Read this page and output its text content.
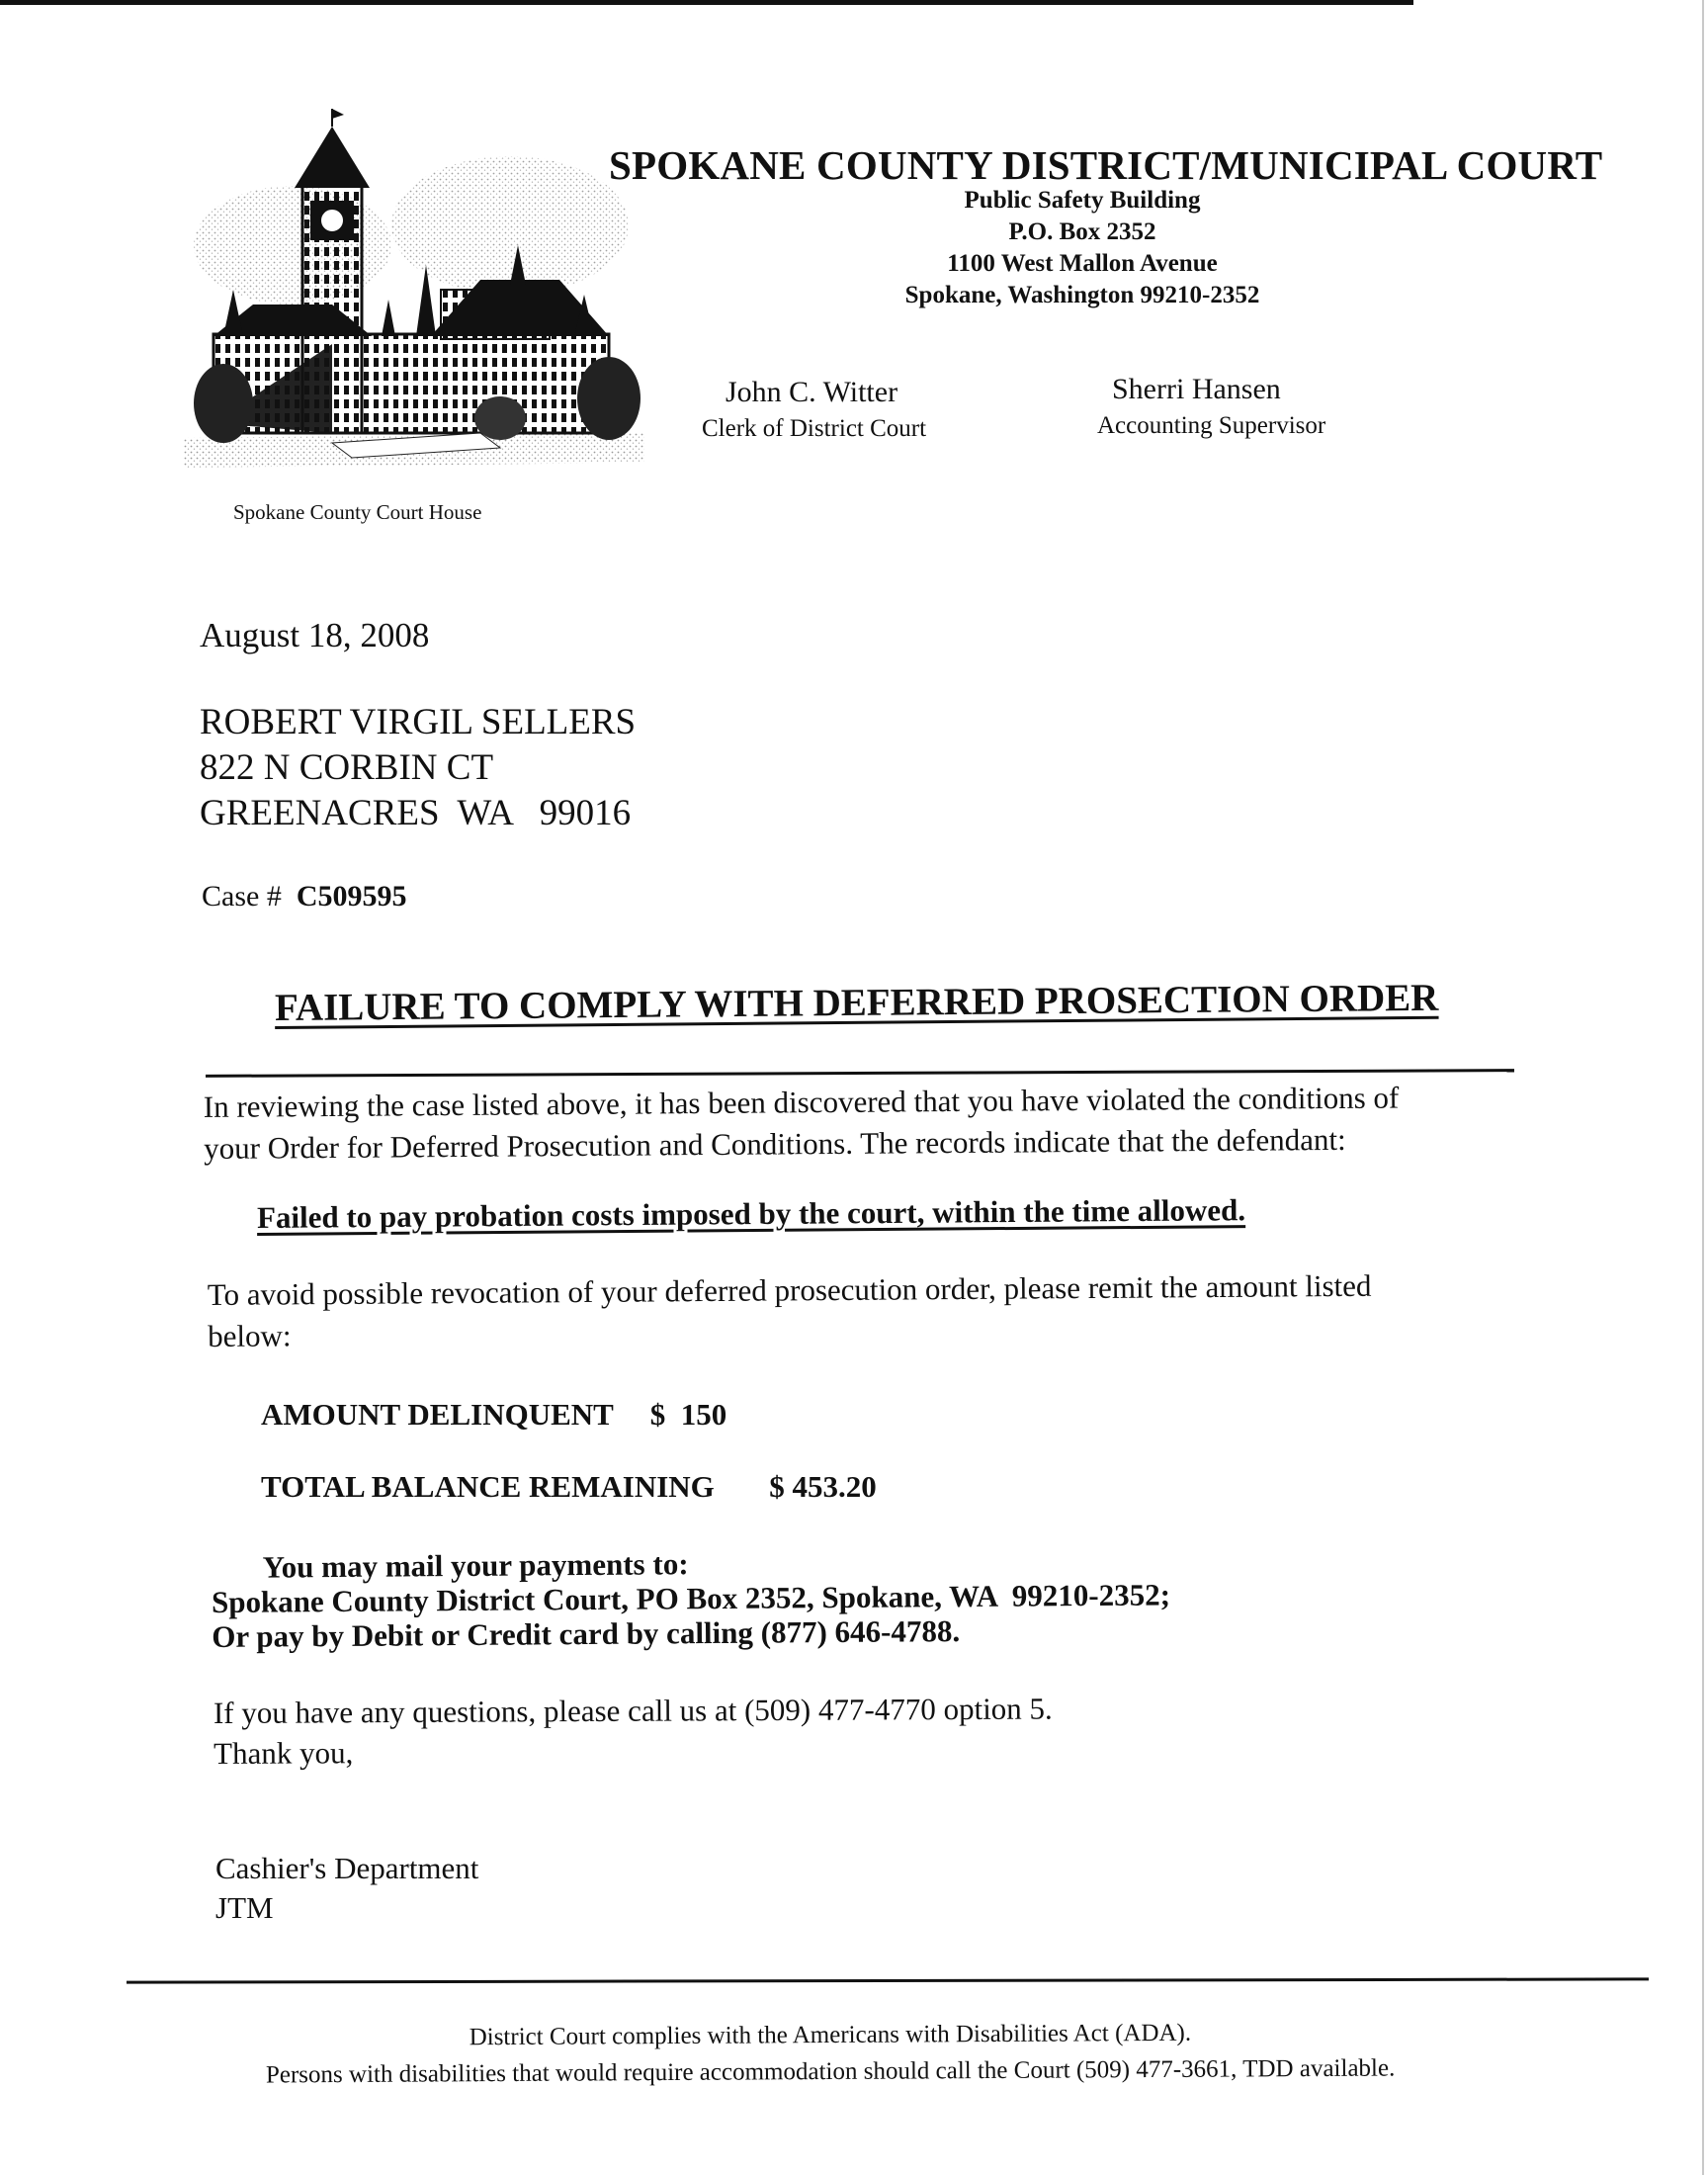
Spokane County Court House
SPOKANE COUNTY DISTRICT/MUNICIPAL COURT
Public Safety Building
P.O. Box 2352
1100 West Mallon Avenue
Spokane, Washington 99210-2352
John C. Witter
Clerk of District Court
Sherri Hansen
Accounting Supervisor
August 18, 2008
ROBERT VIRGIL SELLERS
822 N CORBIN CT
GREENACRES  WA   99016
Case # C509595
FAILURE TO COMPLY WITH DEFERRED PROSECTION ORDER
In reviewing the case listed above, it has been discovered that you have violated the conditions of
your Order for Deferred Prosecution and Conditions. The records indicate that the defendant:
Failed to pay probation costs imposed by the court, within the time allowed.
To avoid possible revocation of your deferred prosecution order, please remit the amount listed
below:
AMOUNT DELINQUENT $  150
TOTAL BALANCE REMAINING $ 453.20
You may mail your payments to:
Spokane County District Court, PO Box 2352, Spokane, WA  99210-2352;
Or pay by Debit or Credit card by calling (877) 646-4788.
If you have any questions, please call us at (509) 477-4770 option 5.
Thank you,
Cashier's Department
JTM
District Court complies with the Americans with Disabilities Act (ADA).
Persons with disabilities that would require accommodation should call the Court (509) 477-3661, TDD available.
